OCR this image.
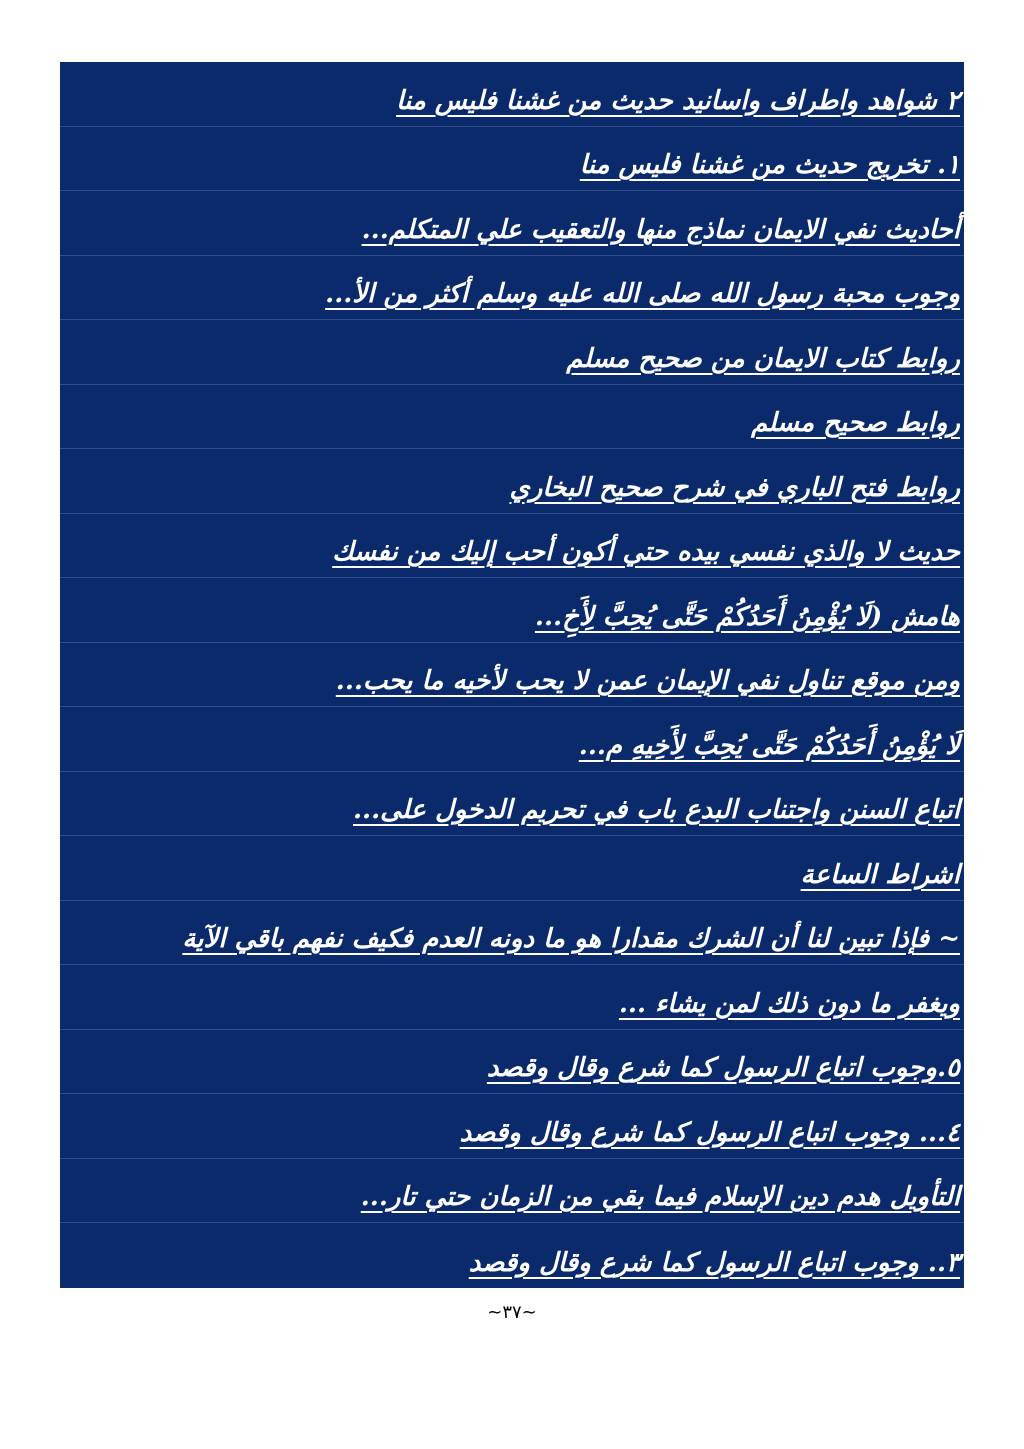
٢ شواهد واطراف واسانيد حديث من غشنا فليس منا
١. تخريج حديث من غشنا فليس منا
أحاديث نفي الايمان نماذج منها والتعقيب علي المتكلم...
وجوب محبة رسول الله صلى الله عليه وسلم أكثر من الأ...
روابط كتاب الايمان من صحيح مسلم
روابط صحيح مسلم
روابط فتح الباري في شرح صحيح البخاري
حديث لا والذي نفسي بيده حتي أكون أحب إليك من نفسك
هامش (لَا يُؤْمِنُ أَحَدُكُمْ حَتَّى يُحِبَّ لِأَخِ...
ومن موقع تناول نفي الإيمان عمن لا يحب لأخيه ما يحب...
لَا يُؤْمِنُ أَحَدُكُمْ حَتَّى يُحِبَّ لِأَخِيهِ م...
اتباع السنن واجتناب البدع باب في تحريم الدخول على...
اشراط الساعة
~ فإذا تبين لنا أن الشرك مقدارا هو ما دونه العدم فكيف نفهم باقي الآية
ويغفر ما دون ذلك لمن يشاء ...
٥.وجوب اتباع الرسول كما شرع وقال وقصد
٤... وجوب اتباع الرسول كما شرع وقال وقصد
التأويل هدم دين الإسلام فيما بقي من الزمان حتي تار...
٣.. وجوب اتباع الرسول كما شرع وقال وقصد
~٣٧~
